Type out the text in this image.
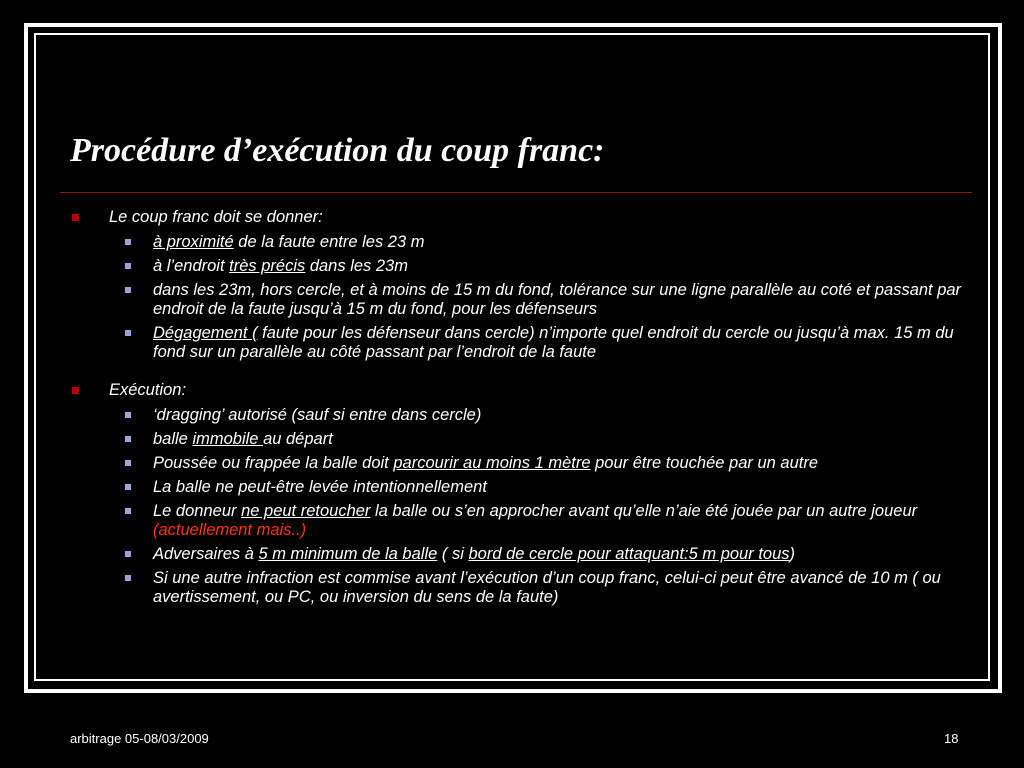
Procédure d’exécution du coup franc:
Le coup franc doit se donner:
à proximité de la faute entre les 23 m
à l’endroit très précis dans les 23m
dans les 23m, hors cercle, et à moins de 15 m du fond, tolérance sur une ligne parallèle au coté et passant par endroit de la faute jusqu’à 15 m du fond, pour les défenseurs
Dégagement ( faute pour les défenseur dans cercle) n’importe quel endroit du cercle ou jusqu’à max. 15 m du fond sur un parallèle au côté passant par l’endroit de la faute
Exécution:
‘dragging’ autorisé (sauf si entre dans cercle)
balle immobile au départ
Poussée ou frappée la balle doit parcourir au moins 1 mètre pour être touchée par un autre
La balle ne peut-être levée intentionnellement
Le donneur ne peut retoucher la balle ou s’en approcher avant qu’elle n’aie été jouée par un autre joueur (actuellement mais..)
Adversaires à 5 m minimum de la balle ( si bord de cercle pour attaquant:5 m pour tous)
Si une autre infraction est commise avant l’exécution d’un coup franc, celui-ci peut être avancé de 10 m ( ou avertissement, ou PC, ou inversion du sens de la faute)
arbitrage 05-08/03/2009	18
